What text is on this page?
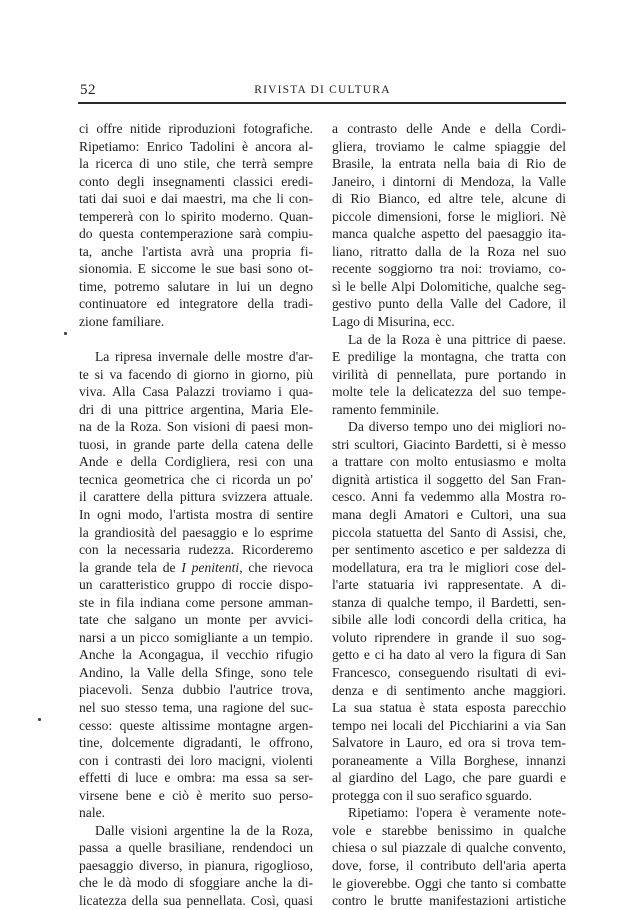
52	RIVISTA DI CULTURA

ci offre nitide riproduzioni fotografiche.
Ripetiamo: Enrico Tadolini è ancora al-
la ricerca di uno stile, che terrà sempre
conto degli insegnamenti classici eredi-
tati dai suoi e dai maestri, ma che li con-
tempererà con lo spirito moderno. Quan-
do questa contemperazione sarà compiu-
ta, anche l'artista avrà una propria fi-
sionomia. E siccome le sue basi sono ot-
time, potremo salutare in lui un degno
continuatore ed integratore della tradi-
zione familiare.

La ripresa invernale delle mostre d'ar-
te si va facendo di giorno in giorno, più
viva. Alla Casa Palazzi troviamo i qua-
dri di una pittrice argentina, Maria Ele-
na de la Roza. Son visioni di paesi mon-
tuosi, in grande parte della catena delle
Ande e della Cordigliera, resi con una
tecnica geometrica che ci ricorda un po'
il carattere della pittura svizzera attuale.
In ogni modo, l'artista mostra di sentire
la grandiosità del paesaggio e lo esprime
con la necessaria rudezza. Ricorderemo
la grande tela de I penitenti, che rievoca
un caratteristico gruppo di roccie dispo-
ste in fila indiana come persone amman-
tate che salgano un monte per avvici-
narsi a un picco somigliante a un tempio.
Anche la Acongagua, il vecchio rifugio
Andino, la Valle della Sfinge, sono tele
piacevoli. Senza dubbio l'autrice trova,
nel suo stesso tema, una ragione del suc-
cesso: queste altissime montagne argen-
tine, dolcemente digradanti, le offrono,
con i contrasti dei loro macigni, violenti
effetti di luce e ombra: ma essa sa ser-
virsene bene e ciò è merito suo perso-
nale.

Dalle visioni argentine la de la Roza,
passa a quelle brasiliane, rendendoci un
paesaggio diverso, in pianura, rigoglioso,
che le dà modo di sfoggiare anche la di-
licatezza della sua pennellata. Così, quasi

a contrasto delle Ande e della Cordi-
gliera, troviamo le calme spiaggie del
Brasile, la entrata nella baia di Rio de
Janeiro, i dintorni di Mendoza, la Valle
di Rio Bianco, ed altre tele, alcune di
piccole dimensioni, forse le migliori. Nè
manca qualche aspetto del paesaggio ita-
liano, ritratto dalla de la Roza nel suo
recente soggiorno tra noi: troviamo, co-
sì le belle Alpi Dolomitiche, qualche seg-
gestivo punto della Valle del Cadore, il
Lago di Misurina, ecc.

La de la Roza è una pittrice di paese.
E predilige la montagna, che tratta con
virilità di pennellata, pure portando in
molte tele la delicatezza del suo tempe-
ramento femminile.

Da diverso tempo uno dei migliori no-
stri scultori, Giacinto Bardetti, si è messo
a trattare con molto entusiasmo e molta
dignità artistica il soggetto del San Fran-
cesco. Anni fa vedemmo alla Mostra ro-
mana degli Amatori e Cultori, una sua
piccola statuetta del Santo di Assisi, che,
per sentimento ascetico e per saldezza di
modellatura, era tra le migliori cose del-
l'arte statuaria ivi rappresentate. A di-
stanza di qualche tempo, il Bardetti, sen-
sibile alle lodi concordi della critica, ha
voluto riprendere in grande il suo sog-
getto e ci ha dato al vero la figura di San
Francesco, conseguendo risultati di evi-
denza e di sentimento anche maggiori.
La sua statua è stata esposta parecchio
tempo nei locali del Picchiarini a via San
Salvatore in Lauro, ed ora si trova tem-
poraneamente a Villa Borghese, innanzi
al giardino del Lago, che pare guardi e
protegga con il suo serafico sguardo.

Ripetiamo: l'opera è veramente note-
vole e starebbe benissimo in qualche
chiesa o sul piazzale di qualche convento,
dove, forse, il contributo dell'aria aperta
le gioverebbe. Oggi che tanto si combatte
contro le brutte manifestazioni artistiche
